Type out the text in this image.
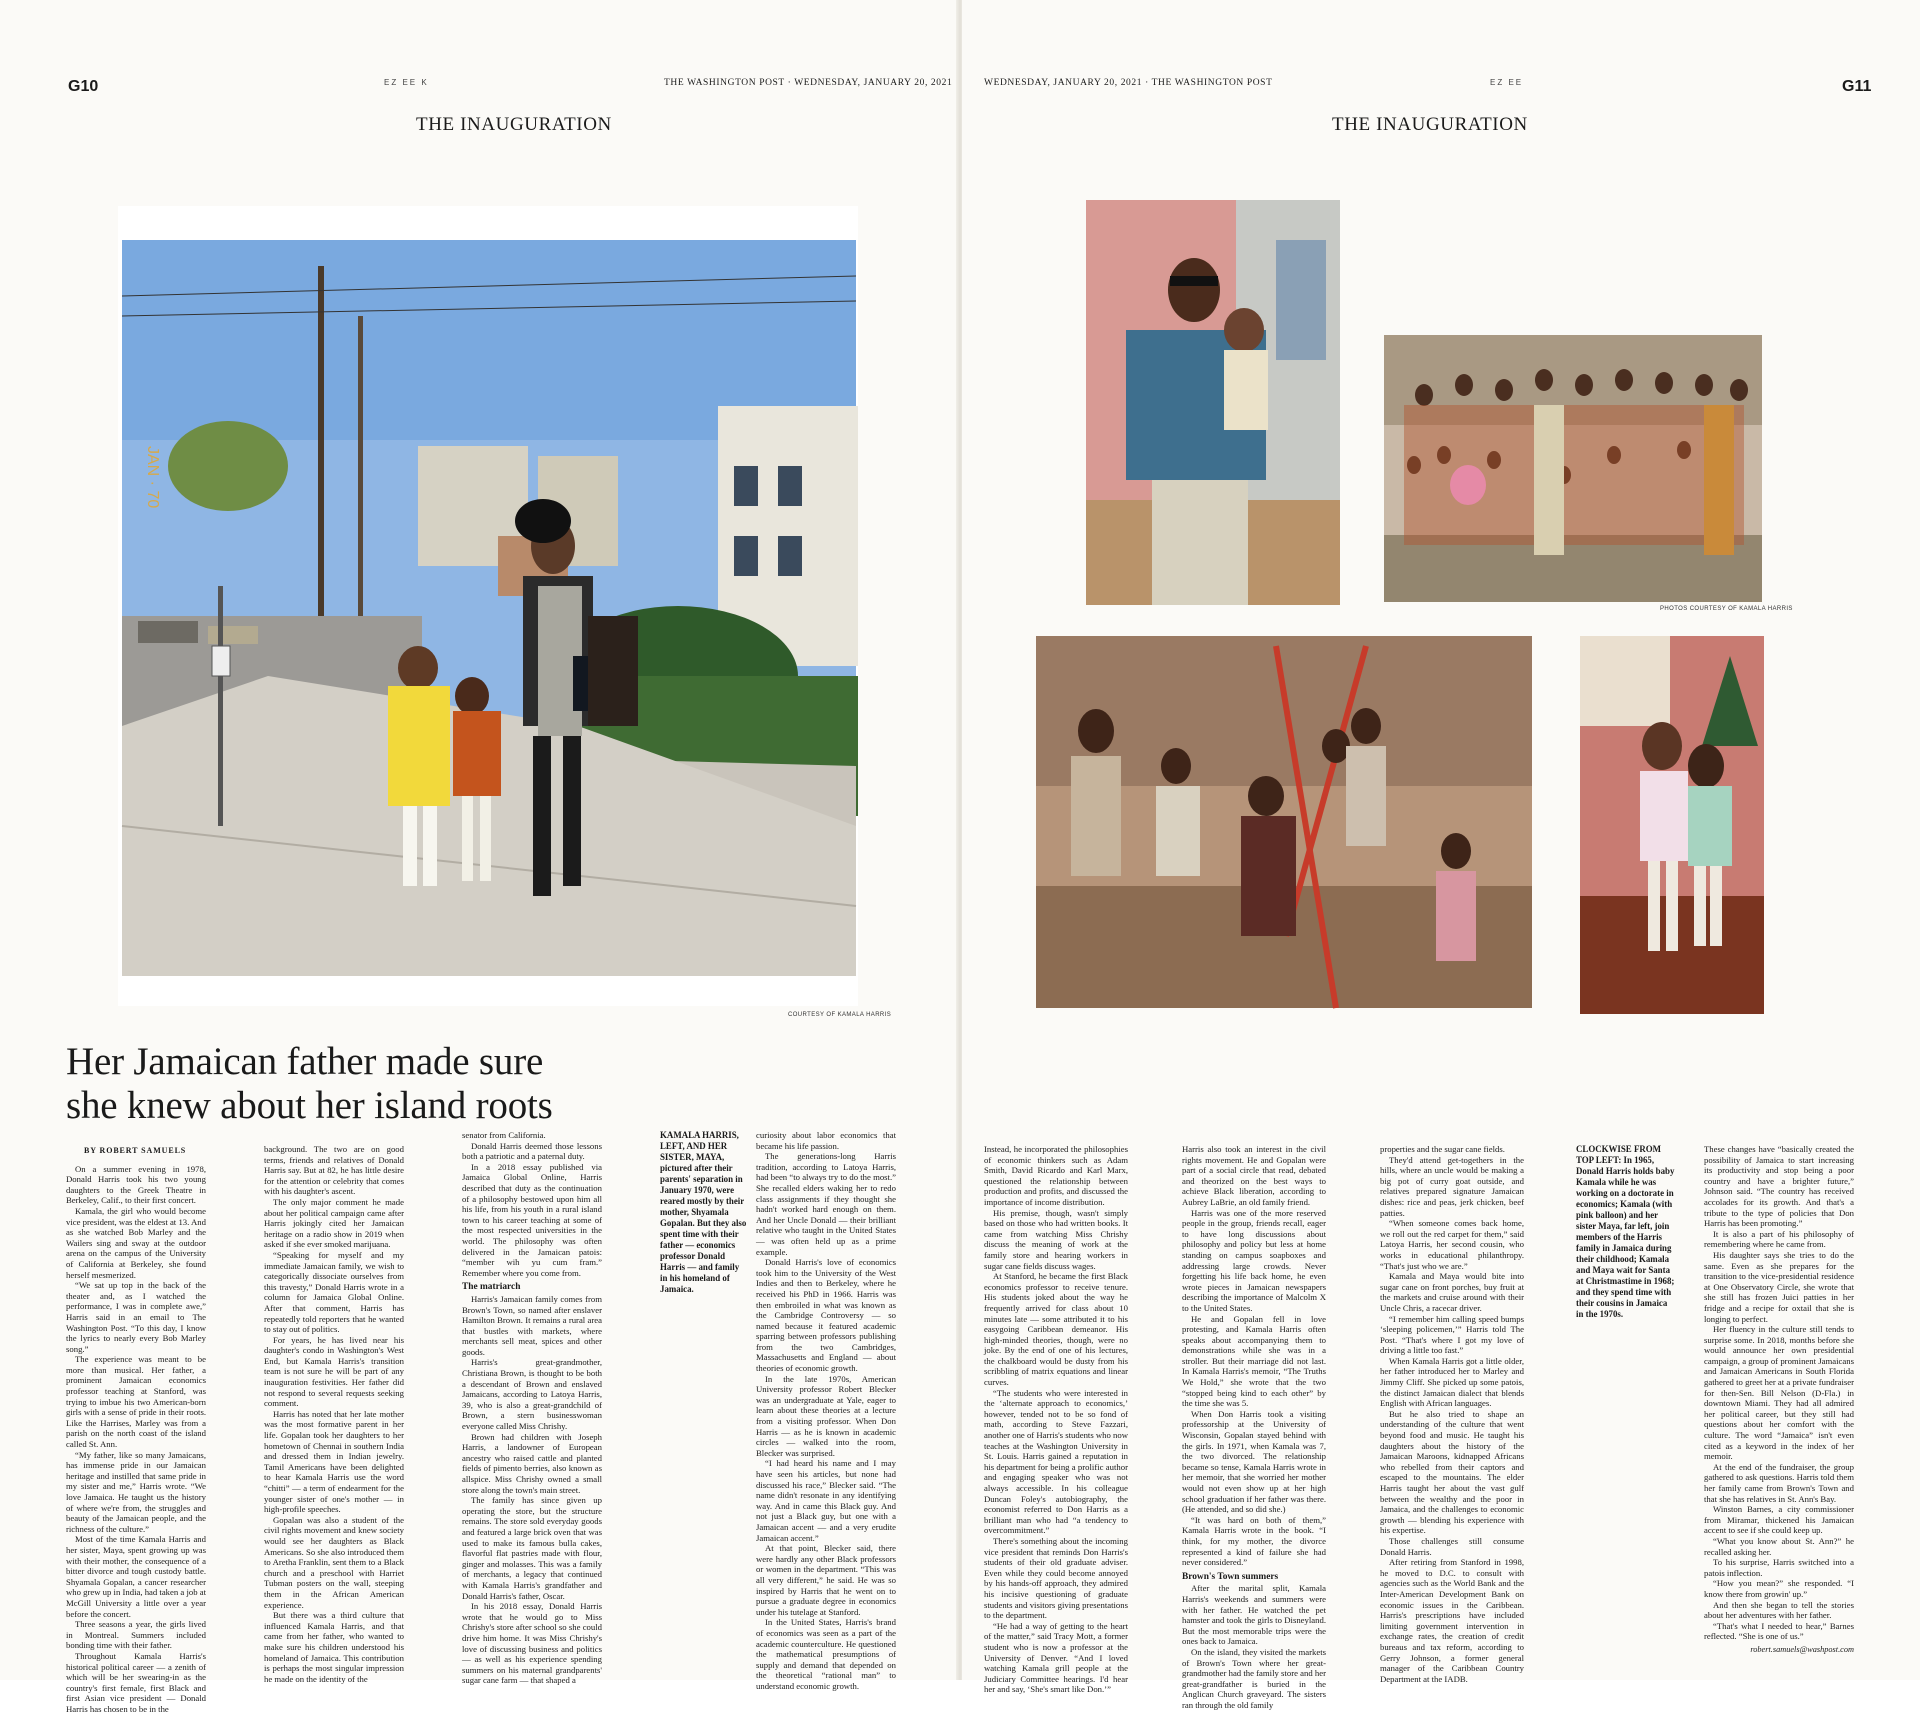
G10	EZ EE K	THE WASHINGTON POST · WEDNESDAY, JANUARY 20, 2021
THE INAUGURATION
JAN · 70
COURTESY OF KAMALA HARRIS
Her Jamaican father made sure she knew about her island roots
BY ROBERT SAMUELS

On a summer evening in 1978, Donald Harris took his two young daughters to the Greek Theatre in Berkeley, Calif., to their first concert.

Kamala, the girl who would become vice president, was the eldest at 13. And as she watched Bob Marley and the Wailers sing and sway at the outdoor arena on the campus of the University of California at Berkeley, she found herself mesmerized.

“We sat up top in the back of the theater and, as I watched the performance, I was in complete awe,” Harris said in an email to The Washington Post. “To this day, I know the lyrics to nearly every Bob Marley song.”

The experience was meant to be more than musical. Her father, a prominent Jamaican economics professor teaching at Stanford, was trying to imbue his two American-born girls with a sense of pride in their roots. Like the Harrises, Marley was from a parish on the north coast of the island called St. Ann.

“My father, like so many Jamaicans, has immense pride in our Jamaican heritage and instilled that same pride in my sister and me,” Harris wrote. “We love Jamaica. He taught us the history of where we're from, the struggles and beauty of the Jamaican people, and the richness of the culture.”

Most of the time Kamala Harris and her sister, Maya, spent growing up was with their mother, the consequence of a bitter divorce and tough custody battle. Shyamala Gopalan, a cancer researcher who grew up in India, had taken a job at McGill University a little over a year before the concert.

Three seasons a year, the girls lived in Montreal. Summers included bonding time with their father.

Throughout Kamala Harris's historical political career — a zenith of which will be her swearing-in as the country's first female, first Black and first Asian vice president — Donald Harris has chosen to be in the

background. The two are on good terms, friends and relatives of Donald Harris say. But at 82, he has little desire for the attention or celebrity that comes with his daughter's ascent.

The only major comment he made about her political campaign came after Harris jokingly cited her Jamaican heritage on a radio show in 2019 when asked if she ever smoked marijuana.

“Speaking for myself and my immediate Jamaican family, we wish to categorically dissociate ourselves from this travesty,” Donald Harris wrote in a column for Jamaica Global Online. After that comment, Harris has repeatedly told reporters that he wanted to stay out of politics.

For years, he has lived near his daughter's condo in Washington's West End, but Kamala Harris's transition team is not sure he will be part of any inauguration festivities. Her father did not respond to several requests seeking comment.

Harris has noted that her late mother was the most formative parent in her life. Gopalan took her daughters to her hometown of Chennai in southern India and dressed them in Indian jewelry. Tamil Americans have been delighted to hear Kamala Harris use the word “chitti” — a term of endearment for the younger sister of one's mother — in high-profile speeches.

Gopalan was also a student of the civil rights movement and knew society would see her daughters as Black Americans. So she also introduced them to Aretha Franklin, sent them to a Black church and a preschool with Harriet Tubman posters on the wall, steeping them in the African American experience.

But there was a third culture that influenced Kamala Harris, and that came from her father, who wanted to make sure his children understood his homeland of Jamaica. This contribution is perhaps the most singular impression he made on the identity of the

senator from California.

Donald Harris deemed those lessons both a patriotic and a paternal duty.

In a 2018 essay published via Jamaica Global Online, Harris described that duty as the continuation of a philosophy bestowed upon him all his life, from his youth in a rural island town to his career teaching at some of the most respected universities in the world. The philosophy was often delivered in the Jamaican patois: “member wih yu cum fram.” Remember where you come from.

The matriarch

Harris's Jamaican family comes from Brown's Town, so named after enslaver Hamilton Brown. It remains a rural area that bustles with markets, where merchants sell meat, spices and other goods.

Harris's great-grandmother, Christiana Brown, is thought to be both a descendant of Brown and enslaved Jamaicans, according to Latoya Harris, 39, who is also a great-grandchild of Brown, a stern businesswoman everyone called Miss Chrishy.

Brown had children with Joseph Harris, a landowner of European ancestry who raised cattle and planted fields of pimento berries, also known as allspice. Miss Chrishy owned a small store along the town's main street.

The family has since given up operating the store, but the structure remains. The store sold everyday goods and featured a large brick oven that was used to make its famous bulla cakes, flavorful flat pastries made with flour, ginger and molasses. This was a family of merchants, a legacy that continued with Kamala Harris's grandfather and Donald Harris's father, Oscar.

In his 2018 essay, Donald Harris wrote that he would go to Miss Chrishy's store after school so she could drive him home. It was Miss Chrishy's love of discussing business and politics — as well as his experience spending summers on his maternal grandparents' sugar cane farm — that shaped a

KAMALA HARRIS, LEFT, AND HER SISTER, MAYA, pictured after their parents' separation in January 1970, were reared mostly by their mother, Shyamala Gopalan. But they also spent time with their father — economics professor Donald Harris — and family in his homeland of Jamaica.

curiosity about labor economics that became his life passion.

The generations-long Harris tradition, according to Latoya Harris, had been “to always try to do the most.” She recalled elders waking her to redo class assignments if they thought she hadn't worked hard enough on them. And her Uncle Donald — their brilliant relative who taught in the United States — was often held up as a prime example.

Donald Harris's love of economics took him to the University of the West Indies and then to Berkeley, where he received his PhD in 1966. Harris was then embroiled in what was known as the Cambridge Controversy — so named because it featured academic sparring between professors publishing from the two Cambridges, Massachusetts and England — about theories of economic growth.

In the late 1970s, American University professor Robert Blecker was an undergraduate at Yale, eager to learn about these theories at a lecture from a visiting professor. When Don Harris — as he is known in academic circles — walked into the room, Blecker was surprised.

“I had heard his name and I may have seen his articles, but none had discussed his race,” Blecker said. “The name didn't resonate in any identifying way. And in came this Black guy. And not just a Black guy, but one with a Jamaican accent — and a very erudite Jamaican accent.”

At that point, Blecker said, there were hardly any other Black professors or women in the department. “This was all very different,” he said. He was so inspired by Harris that he went on to pursue a graduate degree in economics under his tutelage at Stanford.

In the United States, Harris's brand of economics was seen as a part of the academic counterculture. He questioned the mathematical presumptions of supply and demand that depended on the theoretical “rational man” to understand economic growth.

WEDNESDAY, JANUARY 20, 2021 · THE WASHINGTON POST	EZ EE	G11
THE INAUGURATION
PHOTOS COURTESY OF KAMALA HARRIS

Instead, he incorporated the philosophies of economic thinkers such as Adam Smith, David Ricardo and Karl Marx, questioned the relationship between production and profits, and discussed the importance of income distribution.

His premise, though, wasn't simply based on those who had written books. It came from watching Miss Chrishy discuss the meaning of work at the family store and hearing workers in sugar cane fields discuss wages.

At Stanford, he became the first Black economics professor to receive tenure. His students joked about the way he frequently arrived for class about 10 minutes late — some attributed it to his easygoing Caribbean demeanor. His high-minded theories, though, were no joke. By the end of one of his lectures, the chalkboard would be dusty from his scribbling of matrix equations and linear curves.

“The students who were interested in the ‘alternate approach to economics,’ however, tended not to be so fond of math, according to Steve Fazzari, another one of Harris's students who now teaches at the Washington University in St. Louis. Harris gained a reputation in his department for being a prolific author and engaging speaker who was not always accessible. In his colleague Duncan Foley's autobiography, the economist referred to Don Harris as a brilliant man who had “a tendency to overcommitment.”

There's something about the incoming vice president that reminds Don Harris's students of their old graduate adviser. Even while they could become annoyed by his hands-off approach, they admired his incisive questioning of graduate students and visitors giving presentations to the department.

“He had a way of getting to the heart of the matter,” said Tracy Mott, a former student who is now a professor at the University of Denver. “And I loved watching Kamala grill people at the Judiciary Committee hearings. I'd hear her and say, ‘She's smart like Don.’”

Harris also took an interest in the civil rights movement. He and Gopalan were part of a social circle that read, debated and theorized on the best ways to achieve Black liberation, according to Aubrey LaBrie, an old family friend.

Harris was one of the more reserved people in the group, friends recall, eager to have long discussions about philosophy and policy but less at home standing on campus soapboxes and addressing large crowds. Never forgetting his life back home, he even wrote pieces in Jamaican newspapers describing the importance of Malcolm X to the United States.

He and Gopalan fell in love protesting, and Kamala Harris often speaks about accompanying them to demonstrations while she was in a stroller. But their marriage did not last. In Kamala Harris's memoir, “The Truths We Hold,” she wrote that the two “stopped being kind to each other” by the time she was 5.

When Don Harris took a visiting professorship at the University of Wisconsin, Gopalan stayed behind with the girls. In 1971, when Kamala was 7, the two divorced. The relationship became so tense, Kamala Harris wrote in her memoir, that she worried her mother would not even show up at her high school graduation if her father was there. (He attended, and so did she.)

“It was hard on both of them,” Kamala Harris wrote in the book. “I think, for my mother, the divorce represented a kind of failure she had never considered.”

Brown's Town summers

After the marital split, Kamala Harris's weekends and summers were with her father. He watched the pet hamster and took the girls to Disneyland. But the most memorable trips were the ones back to Jamaica.

On the island, they visited the markets of Brown's Town where her great-grandmother had the family store and her great-grandfather is buried in the Anglican Church graveyard. The sisters ran through the old family

properties and the sugar cane fields.

They'd attend get-togethers in the hills, where an uncle would be making a big pot of curry goat outside, and relatives prepared signature Jamaican dishes: rice and peas, jerk chicken, beef patties.

“When someone comes back home, we roll out the red carpet for them,” said Latoya Harris, her second cousin, who works in educational philanthropy. “That's just who we are.”

Kamala and Maya would bite into sugar cane on front porches, buy fruit at the markets and cruise around with their Uncle Chris, a racecar driver.

“I remember him calling speed bumps ‘sleeping policemen,’” Harris told The Post. “That's where I got my love of driving a little too fast.”

When Kamala Harris got a little older, her father introduced her to Marley and Jimmy Cliff. She picked up some patois, the distinct Jamaican dialect that blends English with African languages.

But he also tried to shape an understanding of the culture that went beyond food and music. He taught his daughters about the history of the Jamaican Maroons, kidnapped Africans who rebelled from their captors and escaped to the mountains. The elder Harris taught her about the vast gulf between the wealthy and the poor in Jamaica, and the challenges to economic growth — blending his experience with his expertise.

Those challenges still consume Donald Harris.

After retiring from Stanford in 1998, he moved to D.C. to consult with agencies such as the World Bank and the Inter-American Development Bank on economic issues in the Caribbean. Harris's prescriptions have included limiting government intervention in exchange rates, the creation of credit bureaus and tax reform, according to Gerry Johnson, a former general manager of the Caribbean Country Department at the IADB.

CLOCKWISE FROM TOP LEFT: In 1965, Donald Harris holds baby Kamala while he was working on a doctorate in economics; Kamala (with pink balloon) and her sister Maya, far left, join members of the Harris family in Jamaica during their childhood; Kamala and Maya wait for Santa at Christmastime in 1968; and they spend time with their cousins in Jamaica in the 1970s.

These changes have “basically created the possibility of Jamaica to start increasing its productivity and stop being a poor country and have a brighter future,” Johnson said. “The country has received accolades for its growth. And that's a tribute to the type of policies that Don Harris has been promoting.”

It is also a part of his philosophy of remembering where he came from.

His daughter says she tries to do the same. Even as she prepares for the transition to the vice-presidential residence at One Observatory Circle, she wrote that she still has frozen Juici patties in her fridge and a recipe for oxtail that she is longing to perfect.

Her fluency in the culture still tends to surprise some. In 2018, months before she would announce her own presidential campaign, a group of prominent Jamaicans and Jamaican Americans in South Florida gathered to greet her at a private fundraiser for then-Sen. Bill Nelson (D-Fla.) in downtown Miami. They had all admired her political career, but they still had questions about her comfort with the culture. The word “Jamaica” isn't even cited as a keyword in the index of her memoir.

At the end of the fundraiser, the group gathered to ask questions. Harris told them her family came from Brown's Town and that she has relatives in St. Ann's Bay.

Winston Barnes, a city commissioner from Miramar, thickened his Jamaican accent to see if she could keep up.

“What you know about St. Ann?” he recalled asking her.

To his surprise, Harris switched into a patois inflection.

“How you mean?” she responded. “I know there from growin' up.”

And then she began to tell the stories about her adventures with her father.

“That's what I needed to hear,” Barnes reflected. “She is one of us.”

robert.samuels@washpost.com
